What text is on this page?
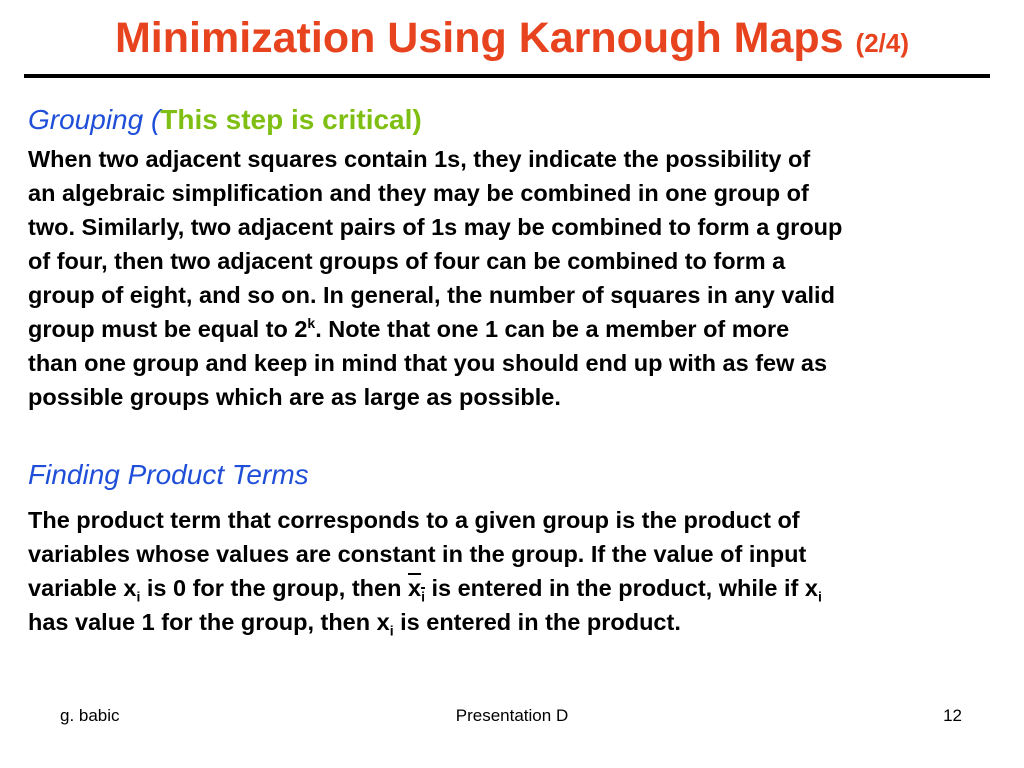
Minimization Using Karnough Maps (2/4)
Grouping (This step is critical)
When two adjacent squares contain 1s, they indicate the possibility of
an algebraic simplification and they may be combined in one group of
two. Similarly, two adjacent pairs of 1s may be combined to form a group
of four, then two adjacent groups of four can be combined to form a
group of eight, and so on. In general, the number of squares in any valid
group must be equal to 2$^k$. Note that one 1 can be a member of more
than one group and keep in mind that you should end up with as few as
possible groups which are as large as possible.
Finding Product Terms
The product term that corresponds to a given group is the product of
variables whose values are constant in the group. If the value of input
variable $x_i$ is 0 for the group, then $x_i$ is entered in the product, while if $x_i$
has value 1 for the group, then $x_i$ is entered in the product.
g. babic	Presentation D	12
